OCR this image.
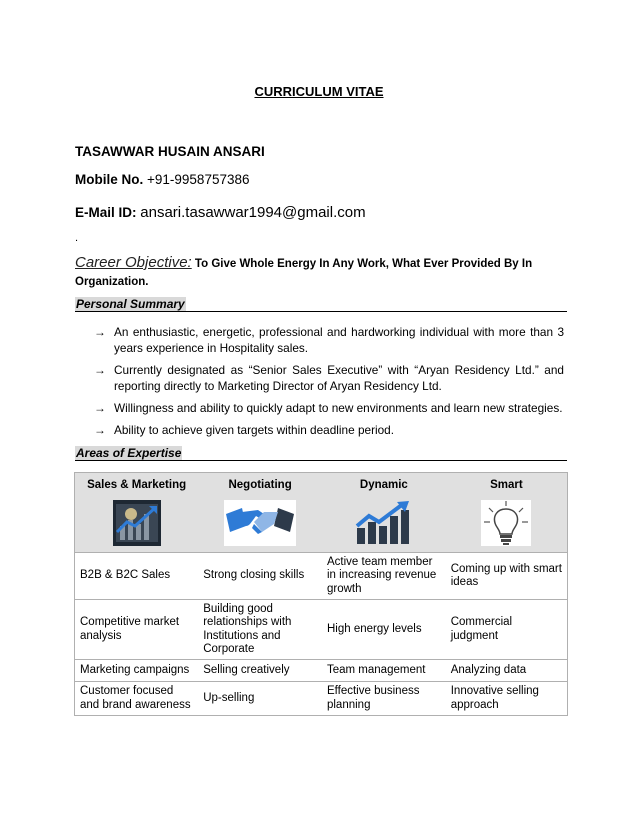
CURRICULUM VITAE
TASAWWAR HUSAIN ANSARI
Mobile No. +91-9958757386
E-Mail ID: ansari.tasawwar1994@gmail.com
.
Career Objective: To Give Whole Energy In Any Work, What Ever Provided By In Organization.
Personal Summary
→ An enthusiastic, energetic, professional and hardworking individual with more than 3 years experience in Hospitality sales.
→ Currently designated as “Senior Sales Executive” with “Aryan Residency Ltd.” and reporting directly to Marketing Director of Aryan Residency Ltd.
→ Willingness and ability to quickly adapt to new environments and learn new strategies.
→ Ability to achieve given targets within deadline period.
Areas of Expertise
Sales & Marketing	Negotiating	Dynamic	Smart

B2B & B2C Sales	Strong closing skills	Active team member in increasing revenue growth	Coming up with smart ideas
Competitive market analysis	Building good relationships with Institutions and Corporate	High energy levels	Commercial judgment
Marketing campaigns	Selling creatively	Team management	Analyzing data
Customer focused and brand awareness	Up-selling	Effective business planning	Innovative selling approach
